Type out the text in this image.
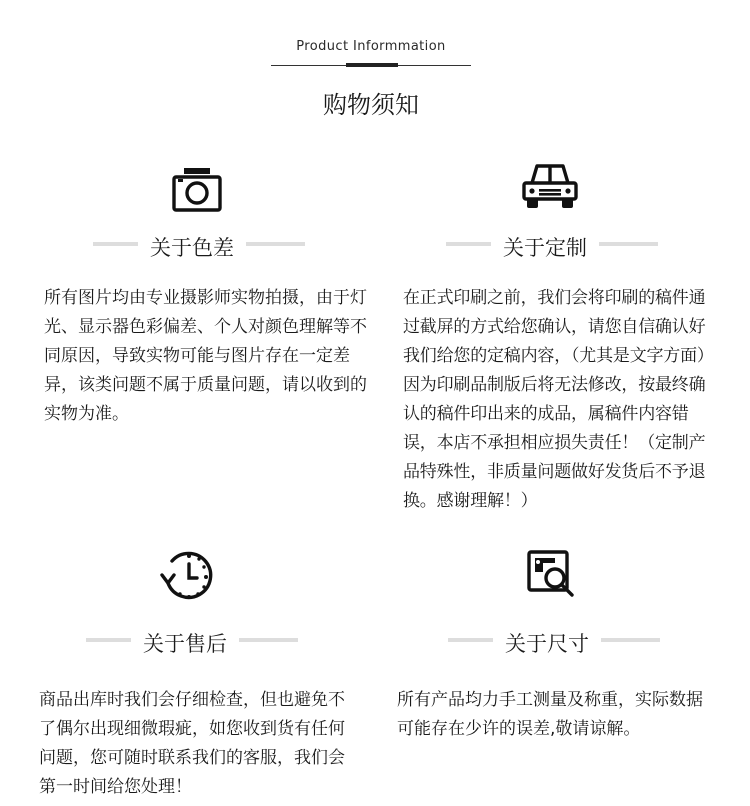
Product Informmation
购物须知
关于色差

所有图片均由专业摄影师实物拍摄，由于灯光、显示器色彩偏差、个人对颜色理解等不同原因，导致实物可能与图片存在一定差异，该类问题不属于质量问题，请以收到的实物为准。

关于定制

在正式印刷之前，我们会将印刷的稿件通过截屏的方式给您确认，请您自信确认好我们给您的定稿内容，（尤其是文字方面）因为印刷品制版后将无法修改，按最终确认的稿件印出来的成品，属稿件内容错误，本店不承担相应损失责任！（定制产品特殊性，非质量问题做好发货后不予退换。感谢理解！）

关于售后

商品出库时我们会仔细检查，但也避免不了偶尔出现细微瑕疵，如您收到货有任何问题，您可随时联系我们的客服，我们会第一时间给您处理！

关于尺寸

所有产品均力手工测量及称重，实际数据可能存在少许的误差,敬请谅解。
